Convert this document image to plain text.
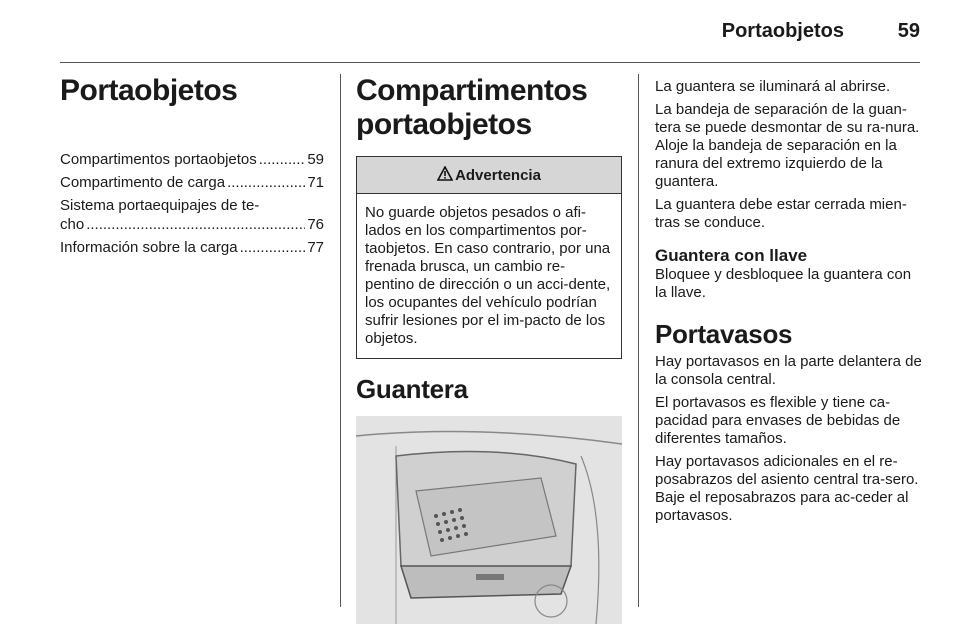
Portaobjetos	59
Portaobjetos
Compartimentos portaobjetos .....	59
Compartimento de carga .....	71
Sistema portaequipajes de te-
cho .....	76
Información sobre la carga .....	77
Compartimentos
portaobjetos
Advertencia
No guarde objetos pesados o afi-lados en los compartimentos por-taobjetos. En caso contrario, por una frenada brusca, un cambio re-pentino de dirección o un acci-dente, los ocupantes del vehículo podrían sufrir lesiones por el im-pacto de los objetos.
Guantera

La guantera se iluminará al abrirse.

La bandeja de separación de la guan-tera se puede desmontar de su ra-nura. Aloje la bandeja de separación en la ranura del extremo izquierdo de la guantera.

La guantera debe estar cerrada mien-tras se conduce.

Guantera con llave

Bloquee y desbloquee la guantera con la llave.

Portavasos

Hay portavasos en la parte delantera de la consola central.

El portavasos es flexible y tiene ca-pacidad para envases de bebidas de diferentes tamaños.

Hay portavasos adicionales en el re-posabrazos del asiento central tra-sero. Baje el reposabrazos para ac-ceder al portavasos.
